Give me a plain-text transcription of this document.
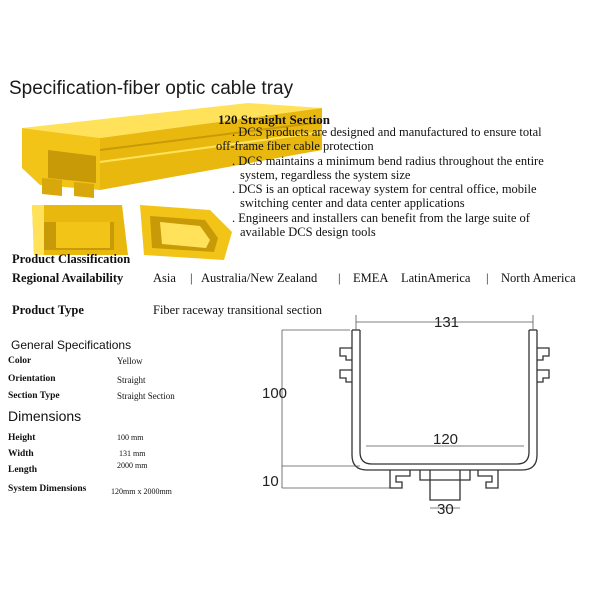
Specification-fiber optic cable tray
120 Straight Section
. DCS products are designed and manufactured to ensure total
off-frame fiber cable protection
. DCS maintains a minimum bend radius throughout the entire
system, regardless the system size
. DCS is an optical raceway system for central office, mobile
switching center and data center applications
. Engineers and installers can benefit from the large suite of
available DCS design tools
Product Classification
Regional Availability Asia | Australia/New Zealand | EMEA LatinAmerica | North America
Product Type	Fiber raceway transitional section
General Specifications
Color	Yellow
Orientation	Straight
Section Type	Straight Section
Dimensions
Height	100 mm
Width	131 mm
Length	2000 mm
System Dimensions	120mm x 2000mm
131
120
100
10
30
